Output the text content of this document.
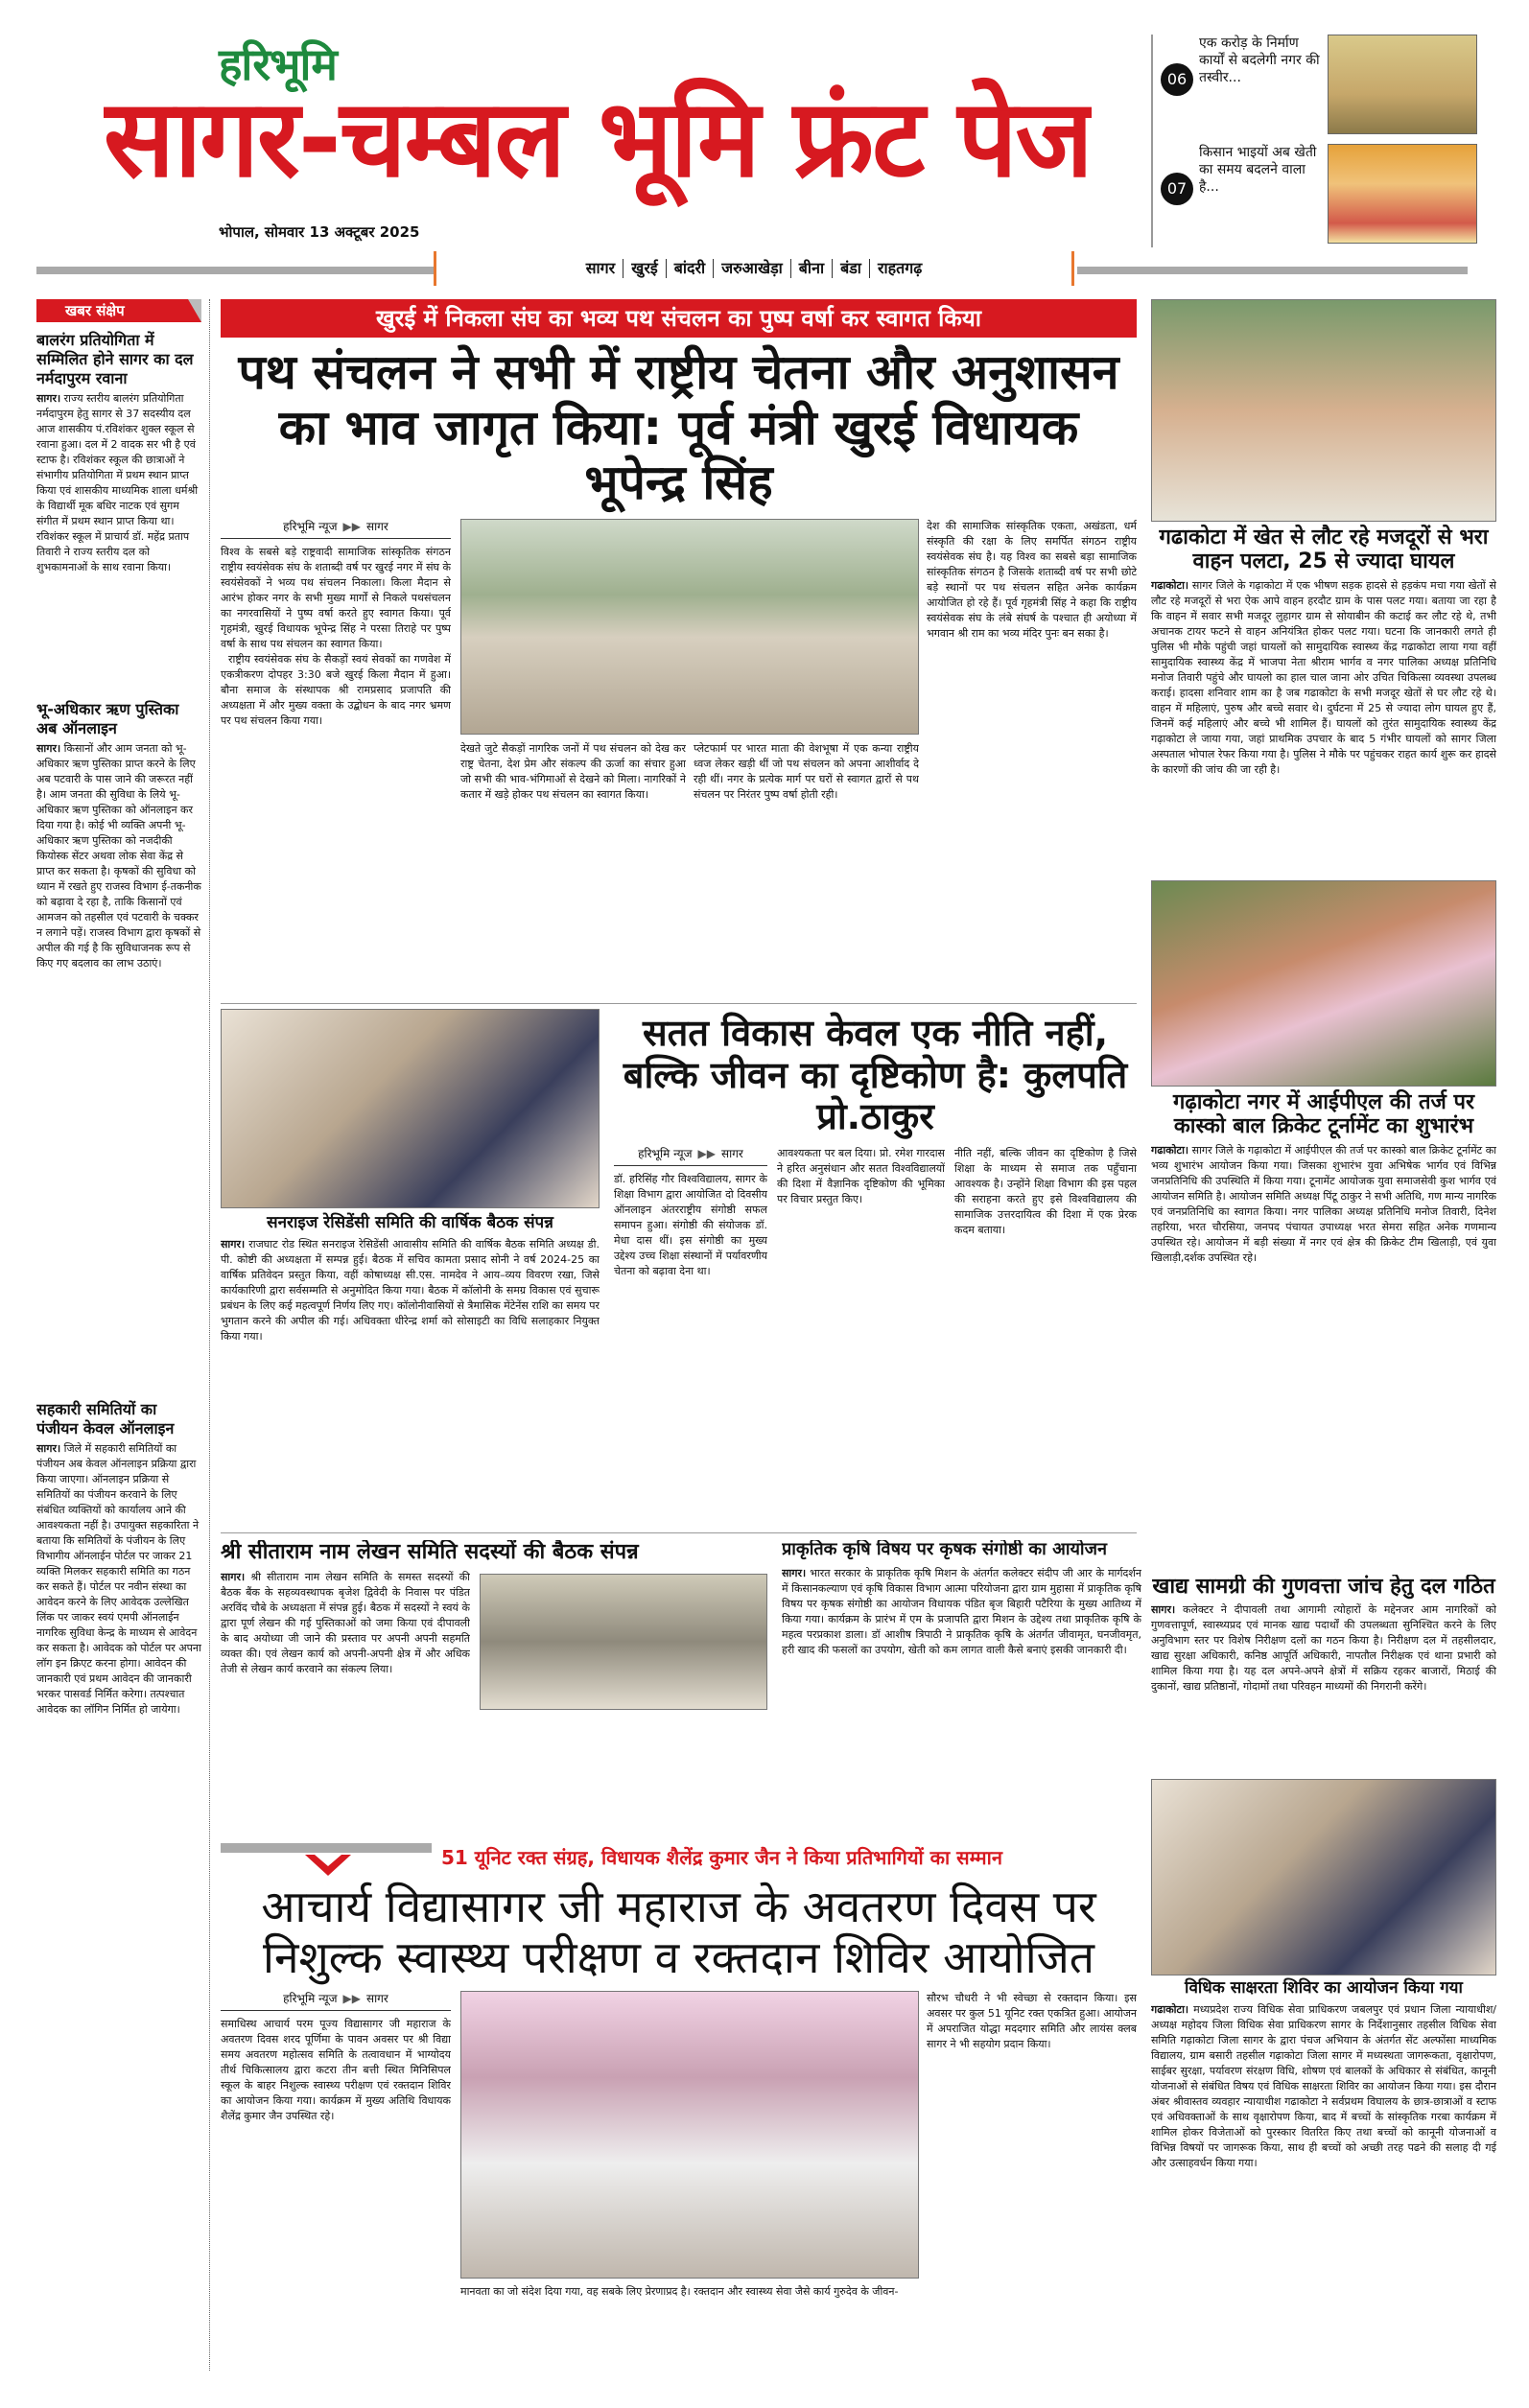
हरिभूमि
सागर-चम्बल भूमि फ्रंट पेज
भोपाल, सोमवार 13 अक्टूबर 2025
06
एक करोड़ के निर्माण कार्यों से बदलेगी नगर की तस्वीर...
07
किसान भाइयों अब खेती का समय बदलने वाला है...
सागर	खुरई	बांदरी	जरुआखेड़ा	बीना	बंडा	राहतगढ़
खबर संक्षेप
बालरंग प्रतियोगिता में सम्मिलित होने सागर का दल नर्मदापुरम रवाना

सागर। राज्य स्तरीय बालरंग प्रतियोगिता नर्मदापुरम हेतु सागर से 37 सदस्यीय दल आज शासकीय पं.रविशंकर शुक्ल स्कूल से रवाना हुआ। दल में 2 वादक सर भी है एवं स्टाफ है। रविशंकर स्कूल की छात्राओं ने संभागीय प्रतियोगिता में प्रथम स्थान प्राप्त किया एवं शासकीय माध्यमिक शाला धर्मश्री के विद्यार्थी मूक बधिर नाटक एवं सुगम संगीत में प्रथम स्थान प्राप्त किया था। रविशंकर स्कूल में प्राचार्य डॉ. महेंद्र प्रताप तिवारी ने राज्य स्तरीय दल को शुभकामनाओं के साथ रवाना किया।

भू-अधिकार ऋण पुस्तिका अब ऑनलाइन

सागर। किसानों और आम जनता को भू-अधिकार ऋण पुस्तिका प्राप्त करने के लिए अब पटवारी के पास जाने की जरूरत नहीं है। आम जनता की सुविधा के लिये भू-अधिकार ऋण पुस्तिका को ऑनलाइन कर दिया गया है। कोई भी व्यक्ति अपनी भू-अधिकार ऋण पुस्तिका को नजदीकी कियोस्क सेंटर अथवा लोक सेवा केंद्र से प्राप्त कर सकता है। कृषकों की सुविधा को ध्यान में रखते हुए राजस्व विभाग ई-तकनीक को बढ़ावा दे रहा है, ताकि किसानों एवं आमजन को तहसील एवं पटवारी के चक्कर न लगाने पड़ें। राजस्व विभाग द्वारा कृषकों से अपील की गई है कि सुविधाजनक रूप से किए गए बदलाव का लाभ उठाएं।

सहकारी समितियों का पंजीयन केवल ऑनलाइन

सागर। जिले में सहकारी समितियों का पंजीयन अब केवल ऑनलाइन प्रक्रिया द्वारा किया जाएगा। ऑनलाइन प्रक्रिया से समितियों का पंजीयन करवाने के लिए संबंधित व्यक्तियों को कार्यालय आने की आवश्यकता नहीं है। उपायुक्त सहकारिता ने बताया कि समितियों के पंजीयन के लिए विभागीय ऑनलाईन पोर्टल पर जाकर 21 व्यक्ति मिलकर सहकारी समिति का गठन कर सकते हैं। पोर्टल पर नवीन संस्था का आवेदन करने के लिए आवेदक उल्लेखित लिंक पर जाकर स्वयं एमपी ऑनलाईन नागरिक सुविधा केन्द्र के माध्यम से आवेदन कर सकता है। आवेदक को पोर्टल पर अपना लॉग इन क्रिएट करना होगा। आवेदन की जानकारी एवं प्रथम आवेदन की जानकारी भरकर पासवर्ड निर्मित करेगा। तत्पश्चात आवेदक का लॉगिन निर्मित हो जायेगा।

खुरई में निकला संघ का भव्य पथ संचलन का पुष्प वर्षा कर स्वागत किया
पथ संचलन ने सभी में राष्ट्रीय चेतना और अनुशासन का भाव जागृत किया: पूर्व मंत्री खुरई विधायक भूपेन्द्र सिंह
हरिभूमि न्यूज ▶▶ सागर
विश्व के सबसे बड़े राष्ट्रवादी सामाजिक सांस्कृतिक संगठन राष्ट्रीय स्वयंसेवक संघ के शताब्दी वर्ष पर खुरई नगर में संघ के स्वयंसेवकों ने भव्य पथ संचलन निकाला। किला मैदान से आरंभ होकर नगर के सभी मुख्य मार्गों से निकले पथसंचलन का नगरवासियों ने पुष्प वर्षा करते हुए स्वागत किया। पूर्व गृहमंत्री, खुरई विधायक भूपेन्द्र सिंह ने परसा तिराहे पर पुष्प वर्षा के साथ पथ संचलन का स्वागत किया।
राष्ट्रीय स्वयंसेवक संघ के सैकड़ों स्वयं सेवकों का गणवेश में एकत्रीकरण दोपहर 3:30 बजे खुरई किला मैदान में हुआ। बौना समाज के संस्थापक श्री रामप्रसाद प्रजापति की अध्यक्षता में और मुख्य वक्ता के उद्बोधन के बाद नगर भ्रमण पर पथ संचलन किया गया।
देखते जुटे सैकड़ों नागरिक जनों में पथ संचलन को देख कर राष्ट्र चेतना, देश प्रेम और संकल्प की ऊर्जा का संचार हुआ जो सभी की भाव-भंगिमाओं से देखने को मिला। नागरिकों ने कतार में खड़े होकर पथ संचलन का स्वागत किया।
प्लेटफार्म पर भारत माता की वेशभूषा में एक कन्या राष्ट्रीय ध्वज लेकर खड़ी थीं जो पथ संचलन को अपना आशीर्वाद दे रही थीं। नगर के प्रत्येक मार्ग पर घरों से स्वागत द्वारों से पथ संचलन पर निरंतर पुष्प वर्षा होती रही।
देश की सामाजिक सांस्कृतिक एकता, अखंडता, धर्म संस्कृति की रक्षा के लिए समर्पित संगठन राष्ट्रीय स्वयंसेवक संघ है। यह विश्व का सबसे बड़ा सामाजिक सांस्कृतिक संगठन है जिसके शताब्दी वर्ष पर सभी छोटे बड़े स्थानों पर पथ संचलन सहित अनेक कार्यक्रम आयोजित हो रहे हैं। पूर्व गृहमंत्री सिंह ने कहा कि राष्ट्रीय स्वयंसेवक संघ के लंबे संघर्ष के पश्चात ही अयोध्या में भगवान श्री राम का भव्य मंदिर पुनः बन सका है।
सनराइज रेसिडेंसी समिति की वार्षिक बैठक संपन्न
सागर। राजघाट रोड स्थित सनराइज रेसिडेंसी आवासीय समिति की वार्षिक बैठक समिति अध्यक्ष डी. पी. कोष्टी की अध्यक्षता में सम्पन्न हुई। बैठक में सचिव कामता प्रसाद सोनी ने वर्ष 2024-25 का वार्षिक प्रतिवेदन प्रस्तुत किया, वहीं कोषाध्यक्ष सी.एस. नामदेव ने आय–व्यय विवरण रखा, जिसे कार्यकारिणी द्वारा सर्वसम्मति से अनुमोदित किया गया। बैठक में कॉलोनी के समग्र विकास एवं सुचारू प्रबंधन के लिए कई महत्वपूर्ण निर्णय लिए गए। कॉलोनीवासियों से त्रैमासिक मेंटेनेंस राशि का समय पर भुगतान करने की अपील की गई। अधिवक्ता धीरेन्द्र शर्मा को सोसाइटी का विधि सलाहकार नियुक्त किया गया।
सतत विकास केवल एक नीति नहीं, बल्कि जीवन का दृष्टिकोण है: कुलपति प्रो.ठाकुर
हरिभूमि न्यूज ▶▶ सागर
डॉ. हरिसिंह गौर विश्वविद्यालय, सागर के शिक्षा विभाग द्वारा आयोजित दो दिवसीय ऑनलाइन अंतरराष्ट्रीय संगोष्ठी सफल समापन हुआ। संगोष्ठी की संयोजक डॉ. मेधा दास थीं। इस संगोष्ठी का मुख्य उद्देश्य उच्च शिक्षा संस्थानों में पर्यावरणीय चेतना को बढ़ावा देना था।
आवश्यकता पर बल दिया। प्रो. रमेश गारदास ने हरित अनुसंधान और सतत विश्वविद्यालयों की दिशा में वैज्ञानिक दृष्टिकोण की भूमिका पर विचार प्रस्तुत किए।
नीति नहीं, बल्कि जीवन का दृष्टिकोण है जिसे शिक्षा के माध्यम से समाज तक पहुँचाना आवश्यक है। उन्होंने शिक्षा विभाग की इस पहल की सराहना करते हुए इसे विश्वविद्यालय की सामाजिक उत्तरदायित्व की दिशा में एक प्रेरक कदम बताया।
श्री सीताराम नाम लेखन समिति सदस्यों की बैठक संपन्न
सागर। श्री सीताराम नाम लेखन समिति के समस्त सदस्यों की बैठक बैंक के सहव्यवस्थापक बृजेश द्विवेदी के निवास पर पंडित अरविंद चौबे के अध्यक्षता में संपन्न हुई। बैठक में सदस्यों ने स्वयं के द्वारा पूर्ण लेखन की गई पुस्तिकाओं को जमा किया एवं दीपावली के बाद अयोध्या जी जाने की प्रस्ताव पर अपनी अपनी सहमति व्यक्त की। एवं लेखन कार्य को अपनी-अपनी क्षेत्र में और अधिक तेजी से लेखन कार्य करवाने का संकल्प लिया।
प्राकृतिक कृषि विषय पर कृषक संगोष्ठी का आयोजन
सागर। भारत सरकार के प्राकृतिक कृषि मिशन के अंतर्गत कलेक्टर संदीप जी आर के मार्गदर्शन में किसानकल्याण एवं कृषि विकास विभाग आत्मा परियोजना द्वारा ग्राम मुहासा में प्राकृतिक कृषि विषय पर कृषक संगोष्ठी का आयोजन विधायक पंडित बृज बिहारी पटैरिया के मुख्य आतिथ्य में किया गया। कार्यक्रम के प्रारंभ में एम के प्रजापति द्वारा मिशन के उद्देश्य तथा प्राकृतिक कृषि के महत्व परप्रकाश डाला। डॉ आशीष त्रिपाठी ने प्राकृतिक कृषि के अंतर्गत जीवामृत, घनजीवमृत, हरी खाद की फसलों का उपयोग, खेती को कम लागत वाली कैसे बनाएं इसकी जानकारी दी।
51 यूनिट रक्त संग्रह, विधायक शैलेंद्र कुमार जैन ने किया प्रतिभागियों का सम्मान
आचार्य विद्यासागर जी महाराज के अवतरण दिवस पर निशुल्क स्वास्थ्य परीक्षण व रक्तदान शिविर आयोजित
हरिभूमि न्यूज ▶▶ सागर
समाधिस्थ आचार्य परम पूज्य विद्यासागर जी महाराज के अवतरण दिवस शरद पूर्णिमा के पावन अवसर पर श्री विद्या समय अवतरण महोत्सव समिति के तत्वावधान में भाग्योदय तीर्थ चिकित्सालय द्वारा कटरा तीन बत्ती स्थित मिनिसिपल स्कूल के बाहर निशुल्क स्वास्थ्य परीक्षण एवं रक्तदान शिविर का आयोजन किया गया। कार्यक्रम में मुख्य अतिथि विधायक शैलेंद्र कुमार जैन उपस्थित रहे।
मानवता का जो संदेश दिया गया, वह सबके लिए प्रेरणाप्रद है। रक्तदान और स्वास्थ्य सेवा जैसे कार्य गुरुदेव के जीवन-
सौरभ चौधरी ने भी स्वेच्छा से रक्तदान किया। इस अवसर पर कुल 51 यूनिट रक्त एकत्रित हुआ। आयोजन में अपराजित योद्धा मददगार समिति और लायंस क्लब सागर ने भी सहयोग प्रदान किया।
गढाकोटा में खेत से लौट रहे मजदूरों से भरा वाहन पलटा, 25 से ज्यादा घायल
गढाकोटा। सागर जिले के गढ़ाकोटा में एक भीषण सड़क हादसे से हड़कंप मचा गया खेतों से लौट रहे मजदूरों से भरा ऐक आपे वाहन हरदौट ग्राम के पास पलट गया। बताया जा रहा है कि वाहन में सवार सभी मजदूर लुहागर ग्राम से सोयाबीन की कटाई कर लौट रहे थे, तभी अचानक टायर फटने से वाहन अनियंत्रित होकर पलट गया। घटना कि जानकारी लगते ही पुलिस भी मौके पहुंची जहां घायलों को सामुदायिक स्वास्थ्य केंद्र गढाकोटा लाया गया वहीं सामुदायिक स्वास्थ्य केंद्र में भाजपा नेता श्रीराम भार्गव व नगर पालिका अध्यक्ष प्रतिनिधि मनोज तिवारी पहुंचे और घायलो का हाल चाल जाना ओर उचित चिकित्सा व्यवस्था उपलब्ध कराई। हादसा शनिवार शाम का है जब गढाकोटा के सभी मजदूर खेतों से घर लौट रहे थे। वाहन में महिलाएं, पुरुष और बच्चे सवार थे। दुर्घटना में 25 से ज्यादा लोग घायल हुए हैं, जिनमें कई महिलाएं और बच्चे भी शामिल हैं। घायलों को तुरंत सामुदायिक स्वास्थ्य केंद्र गढ़ाकोटा ले जाया गया, जहां प्राथमिक उपचार के बाद 5 गंभीर घायलों को सागर जिला अस्पताल भोपाल रेफर किया गया है। पुलिस ने मौके पर पहुंचकर राहत कार्य शुरू कर हादसे के कारणों की जांच की जा रही है।
गढ़ाकोटा नगर में आईपीएल की तर्ज पर कास्को बाल क्रिकेट टूर्नामेंट का शुभारंभ
गढाकोटा। सागर जिले के गढ़ाकोटा में आईपीएल की तर्ज पर कास्को बाल क्रिकेट टूर्नामेंट का भव्य शुभारंभ आयोजन किया गया। जिसका शुभारंभ युवा अभिषेक भार्गव एवं विभिन्न जनप्रतिनिधि की उपस्थिति में किया गया। टूनामेंट आयोजक युवा समाजसेवी कुश भार्गव एवं आयोजन समिति है। आयोजन समिति अध्यक्ष पिंटू ठाकुर ने सभी अतिथि, गण मान्य नागरिक एवं जनप्रतिनिधि का स्वागत किया। नगर पालिका अध्यक्ष प्रतिनिधि मनोज तिवारी, दिनेश तहरिया, भरत चौरसिया, जनपद पंचायत उपाध्यक्ष भरत सेमरा सहित अनेक गणमान्य उपस्थित रहे। आयोजन में बड़ी संख्या में नगर एवं क्षेत्र की क्रिकेट टीम खिलाड़ी, एवं युवा खिलाड़ी,दर्शक उपस्थित रहे।
खाद्य सामग्री की गुणवत्ता जांच हेतु दल गठित
सागर। कलेक्टर ने दीपावली तथा आगामी त्योहारों के मद्देनजर आम नागरिकों को गुणवत्तापूर्ण, स्वास्थ्यप्रद एवं मानक खाद्य पदार्थों की उपलब्धता सुनिश्चित करने के लिए अनुविभाग स्तर पर विशेष निरीक्षण दलों का गठन किया है। निरीक्षण दल में तहसीलदार, खाद्य सुरक्षा अधिकारी, कनिष्ठ आपूर्ति अधिकारी, नापतौल निरीक्षक एवं थाना प्रभारी को शामिल किया गया है। यह दल अपने-अपने क्षेत्रों में सक्रिय रहकर बाजारों, मिठाई की दुकानों, खाद्य प्रतिष्ठानों, गोदामों तथा परिवहन माध्यमों की निगरानी करेंगे।
विधिक साक्षरता शिविर का आयोजन किया गया
गढाकोटा। मध्यप्रदेश राज्य विधिक सेवा प्राधिकरण जबलपुर एवं प्रधान जिला न्यायाधीश/अध्यक्ष महोदय जिला विधिक सेवा प्राधिकरण सागर के निर्देशानुसार तहसील विधिक सेवा समिति गढ़ाकोटा जिला सागर के द्वारा पंचज अभियान के अंतर्गत सेंट अल्फोंसा माध्यमिक विद्यालय, ग्राम बसारी तहसील गढ़ाकोटा जिला सागर में मध्यस्थता जागरूकता, वृक्षारोपण, साईबर सुरक्षा, पर्यावरण संरक्षण विधि, शोषण एवं बालकों के अधिकार से संबंधित, कानूनी योजनाओं से संबंधित विषय एवं विधिक साक्षरता शिविर का आयोजन किया गया। इस दौरान अंबर श्रीवास्तव व्यवहार न्यायाधीश गढाकोटा ने सर्वप्रथम विघालय के छात्र-छात्राओं व स्टाफ एवं अधिवक्ताओं के साथ वृक्षारोपण किया, बाद में बच्चों के सांस्कृतिक गरबा कार्यक्रम में शामिल होकर विजेताओं को पुरस्कार वितरित किए तथा बच्चों को कानूनी योजनाओं व विभिन्न विषयों पर जागरूक किया, साथ ही बच्चों को अच्छी तरह पढने की सलाह दी गई और उत्साहवर्धन किया गया।
